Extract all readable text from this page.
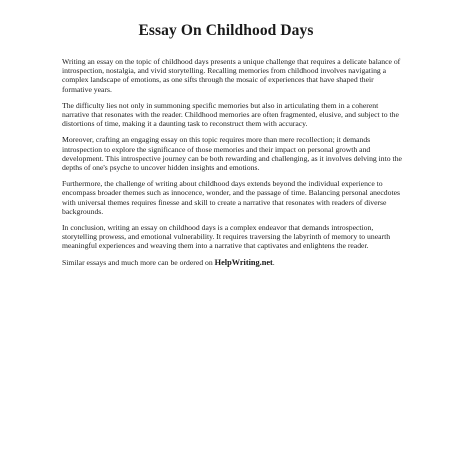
Essay On Childhood Days

Writing an essay on the topic of childhood days presents a unique challenge that requires a delicate balance of introspection, nostalgia, and vivid storytelling. Recalling memories from childhood involves navigating a complex landscape of emotions, as one sifts through the mosaic of experiences that have shaped their formative years.

The difficulty lies not only in summoning specific memories but also in articulating them in a coherent narrative that resonates with the reader. Childhood memories are often fragmented, elusive, and subject to the distortions of time, making it a daunting task to reconstruct them with accuracy.

Moreover, crafting an engaging essay on this topic requires more than mere recollection; it demands introspection to explore the significance of those memories and their impact on personal growth and development. This introspective journey can be both rewarding and challenging, as it involves delving into the depths of one's psyche to uncover hidden insights and emotions.

Furthermore, the challenge of writing about childhood days extends beyond the individual experience to encompass broader themes such as innocence, wonder, and the passage of time. Balancing personal anecdotes with universal themes requires finesse and skill to create a narrative that resonates with readers of diverse backgrounds.

In conclusion, writing an essay on childhood days is a complex endeavor that demands introspection, storytelling prowess, and emotional vulnerability. It requires traversing the labyrinth of memory to unearth meaningful experiences and weaving them into a narrative that captivates and enlightens the reader.

Similar essays and much more can be ordered on HelpWriting.net.
